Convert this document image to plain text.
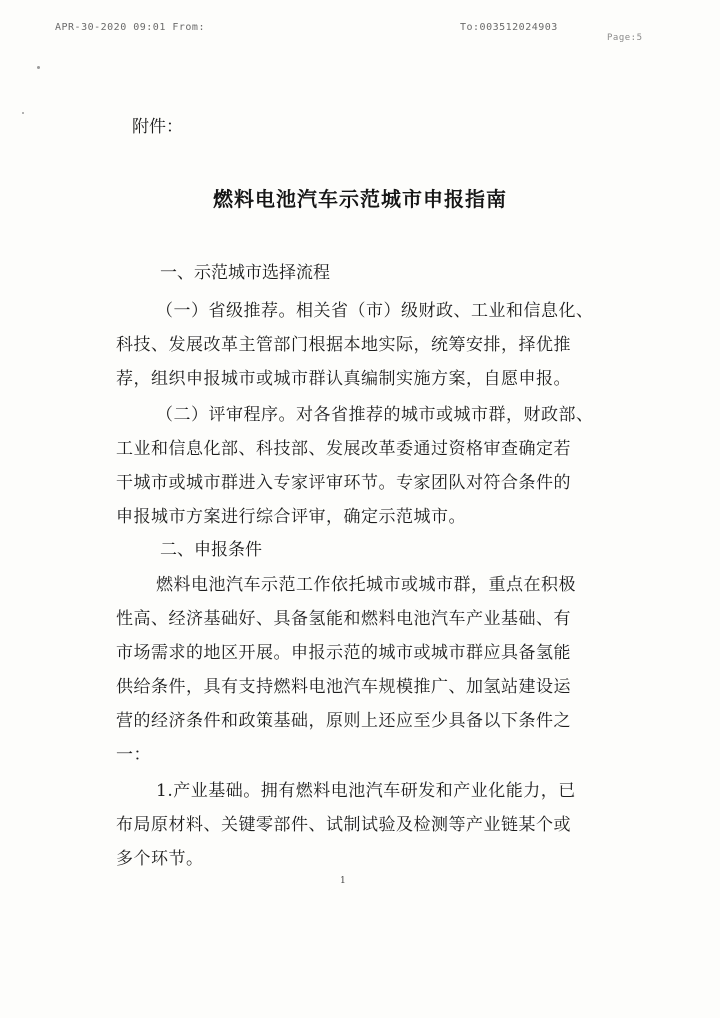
APR-30-2020 09:01 From:	To:00351202490З
Page:5
附件：
燃料电池汽车示范城市申报指南
一、示范城市选择流程
（一）省级推荐。相关省（市）级财政、工业和信息化、
科技、发展改革主管部门根据本地实际，统筹安排，择优推
荐，组织申报城市或城市群认真编制实施方案，自愿申报。
（二）评审程序。对各省推荐的城市或城市群，财政部、
工业和信息化部、科技部、发展改革委通过资格审查确定若
干城市或城市群进入专家评审环节。专家团队对符合条件的
申报城市方案进行综合评审，确定示范城市。
二、申报条件
燃料电池汽车示范工作依托城市或城市群，重点在积极
性高、经济基础好、具备氢能和燃料电池汽车产业基础、有
市场需求的地区开展。申报示范的城市或城市群应具备氢能
供给条件，具有支持燃料电池汽车规模推广、加氢站建设运
营的经济条件和政策基础，原则上还应至少具备以下条件之
一：
1.产业基础。拥有燃料电池汽车研发和产业化能力，已
布局原材料、关键零部件、试制试验及检测等产业链某个或
多个环节。
1
